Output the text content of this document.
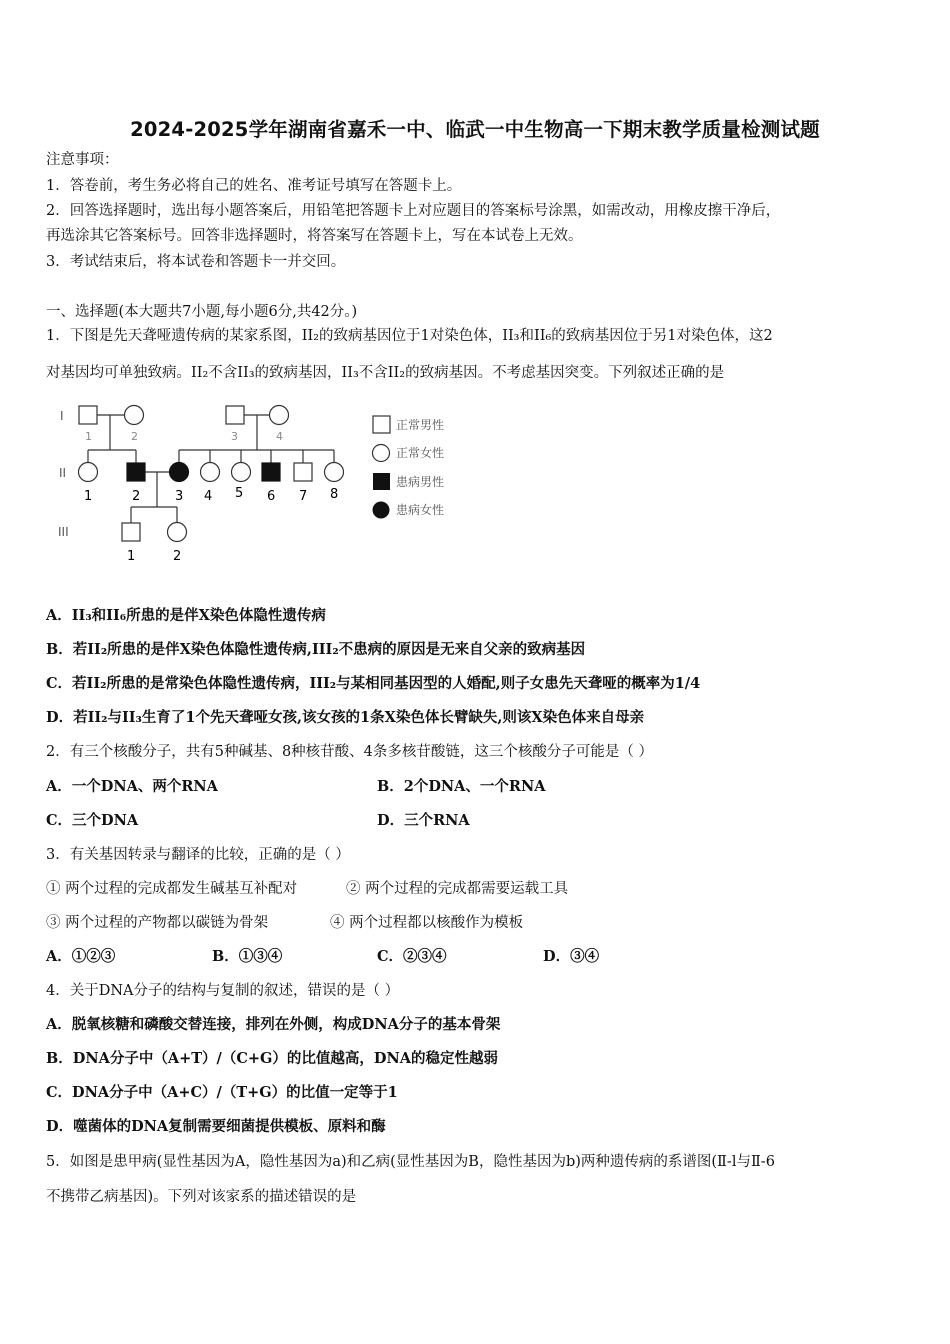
2024-2025学年湖南省嘉禾一中、临武一中生物高一下期末教学质量检测试题
注意事项：
1．答卷前，考生务必将自己的姓名、准考证号填写在答题卡上。
2．回答选择题时，选出每小题答案后，用铅笔把答题卡上对应题目的答案标号涂黑，如需改动，用橡皮擦干净后，
再选涂其它答案标号。回答非选择题时，将答案写在答题卡上，写在本试卷上无效。
3．考试结束后，将本试卷和答题卡一并交回。
一、选择题(本大题共7小题,每小题6分,共42分。)
1．下图是先天聋哑遗传病的某家系图，II₂的致病基因位于1对染色体，II₃和II₆的致病基因位于另1对染色体，这2
对基因均可单独致病。II₂不含II₃的致病基因，II₃不含II₂的致病基因。不考虑基因突变。下列叙述正确的是
I
II
III
1	2	3	4
1	2	3 4 5 6 7 8
1	2
正常男性
正常女性
患病男性
患病女性
A．II₃和II₆所患的是伴X染色体隐性遗传病
B．若II₂所患的是伴X染色体隐性遗传病,III₂不患病的原因是无来自父亲的致病基因
C．若II₂所患的是常染色体隐性遗传病，III₂与某相同基因型的人婚配,则子女患先天聋哑的概率为1/4
D．若II₂与II₃生育了1个先天聋哑女孩,该女孩的1条X染色体长臂缺失,则该X染色体来自母亲
2．有三个核酸分子，共有5种碱基、8种核苷酸、4条多核苷酸链，这三个核酸分子可能是（ ）
A．一个DNA、两个RNA	B．2个DNA、一个RNA
C．三个DNA	D．三个RNA
3．有关基因转录与翻译的比较，正确的是（ ）
① 两个过程的完成都发生碱基互补配对	② 两个过程的完成都需要运载工具
③ 两个过程的产物都以碳链为骨架	④ 两个过程都以核酸作为模板
A．①②③	B．①③④	C．②③④	D．③④
4．关于DNA分子的结构与复制的叙述，错误的是（ ）
A．脱氧核糖和磷酸交替连接，排列在外侧，构成DNA分子的基本骨架
B．DNA分子中（A+T）/（C+G）的比值越高，DNA的稳定性越弱
C．DNA分子中（A+C）/（T+G）的比值一定等于1
D．噬菌体的DNA复制需要细菌提供模板、原料和酶
5．如图是患甲病(显性基因为A，隐性基因为a)和乙病(显性基因为B，隐性基因为b)两种遗传病的系谱图(Ⅱ-l与Ⅱ-6
不携带乙病基因)。下列对该家系的描述错误的是
